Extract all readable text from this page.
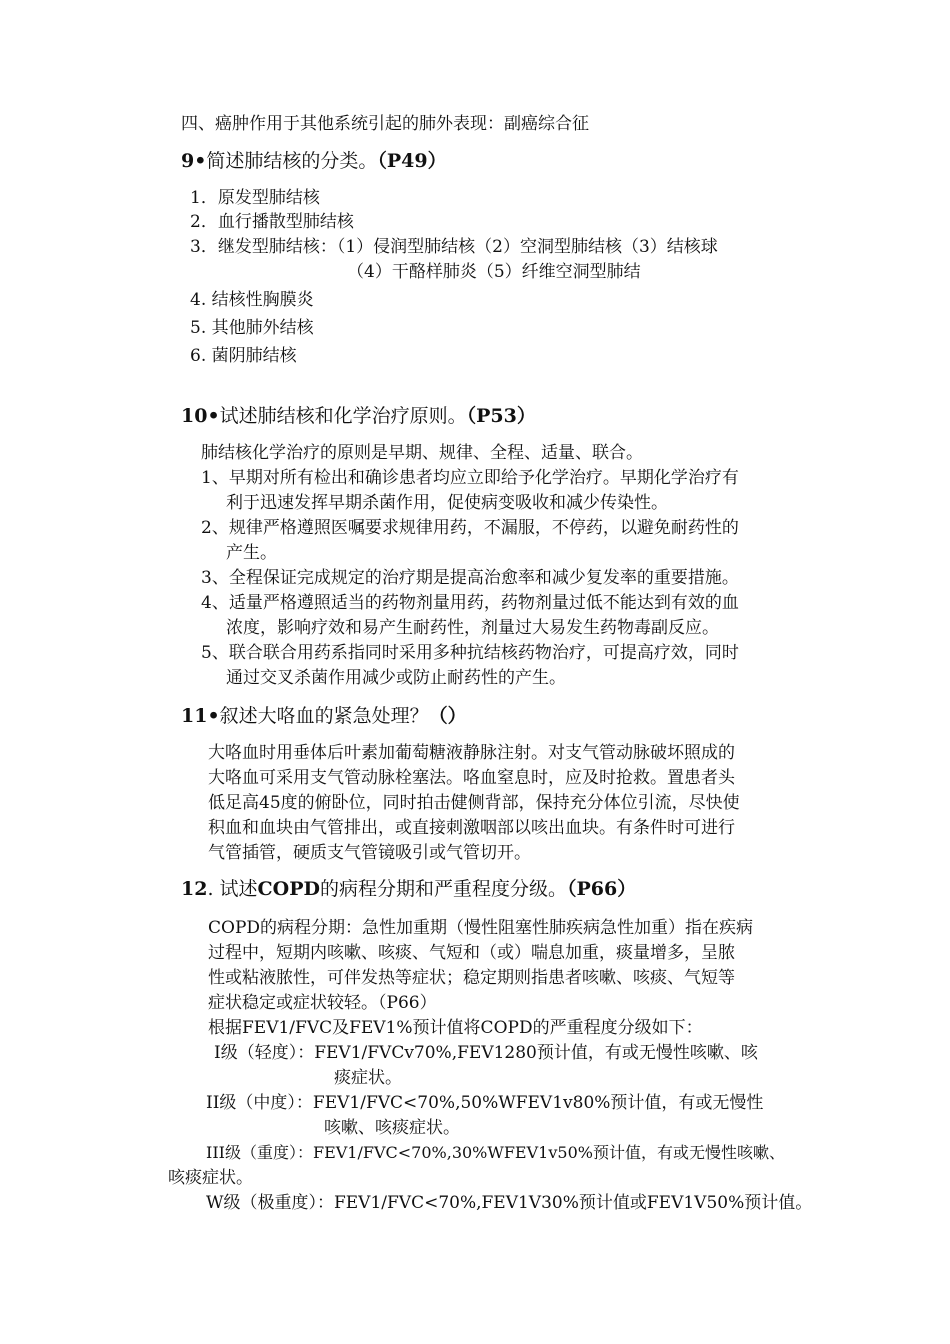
四、癌肿作用于其他系统引起的肺外表现：副癌综合征
9•简述肺结核的分类。（P49）
1．原发型肺结核
2．血行播散型肺结核
3．继发型肺结核：（1）侵润型肺结核（2）空洞型肺结核（3）结核球
（4）干酪样肺炎（5）纤维空洞型肺结
4. 结核性胸膜炎
5. 其他肺外结核
6. 菌阴肺结核
10•试述肺结核和化学治疗原则。（P53）
肺结核化学治疗的原则是早期、规律、全程、适量、联合。
1、早期对所有检出和确诊患者均应立即给予化学治疗。早期化学治疗有
利于迅速发挥早期杀菌作用，促使病变吸收和减少传染性。
2、规律严格遵照医嘱要求规律用药，不漏服，不停药，以避免耐药性的
产生。
3、全程保证完成规定的治疗期是提高治愈率和减少复发率的重要措施。
4、适量严格遵照适当的药物剂量用药，药物剂量过低不能达到有效的血
浓度，影响疗效和易产生耐药性，剂量过大易发生药物毒副反应。
5、联合联合用药系指同时采用多种抗结核药物治疗，可提高疗效，同时
通过交叉杀菌作用减少或防止耐药性的产生。
11•叙述大咯血的紧急处理？（）
大咯血时用垂体后叶素加葡萄糖液静脉注射。对支气管动脉破坏照成的
大咯血可采用支气管动脉栓塞法。咯血窒息时，应及时抢救。置患者头
低足高45度的俯卧位，同时拍击健侧背部，保持充分体位引流，尽快使
积血和血块由气管排出，或直接刺激咽部以咳出血块。有条件时可进行
气管插管，硬质支气管镜吸引或气管切开。
12. 试述COPD的病程分期和严重程度分级。（P66）
COPD的病程分期：急性加重期（慢性阻塞性肺疾病急性加重）指在疾病
过程中，短期内咳嗽、咳痰、气短和（或）喘息加重，痰量增多，呈脓
性或粘液脓性，可伴发热等症状；稳定期则指患者咳嗽、咳痰、气短等
症状稳定或症状较轻。（P66）
根据FEV1/FVC及FEV1%预计值将COPD的严重程度分级如下：
Ⅰ级（轻度）：FEV1/FVCv70%,FEV1280预计值，有或无慢性咳嗽、咳
痰症状。
II级（中度）：FEV1/FVC<70%,50%WFEV1v80%预计值，有或无慢性
咳嗽、咳痰症状。
III级（重度）：FEV1/FVC<70%,30%WFEV1v50%预计值，有或无慢性咳嗽、
咳痰症状。
W级（极重度）：FEV1/FVC<70%,FEV1V30%预计值或FEV1V50%预计值。
